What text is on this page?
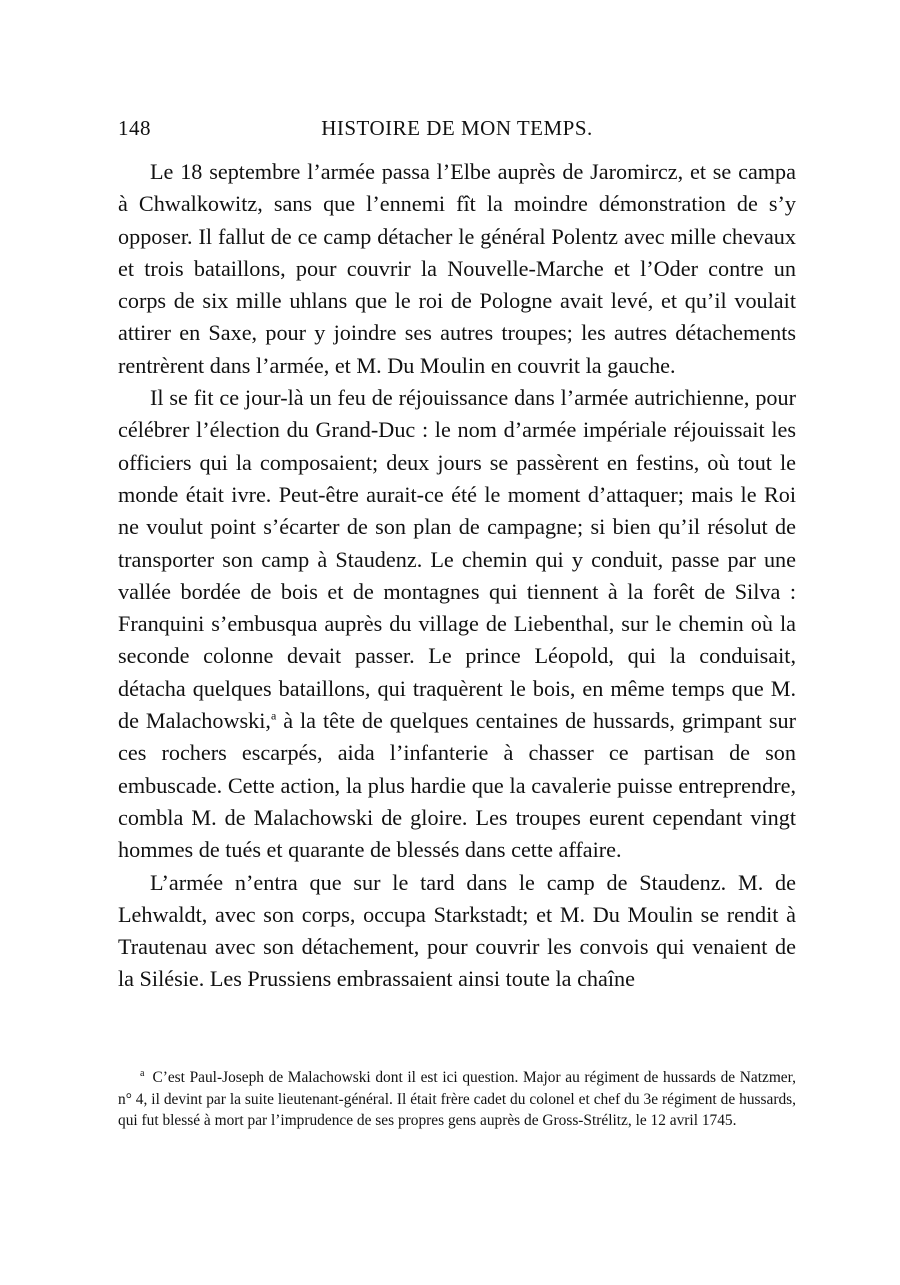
148	HISTOIRE DE MON TEMPS.

Le 18 septembre l’armée passa l’Elbe auprès de Jaromircz, et se campa à Chwalkowitz, sans que l’ennemi fît la moindre démonstration de s’y opposer. Il fallut de ce camp détacher le général Polentz avec mille chevaux et trois bataillons, pour couvrir la Nouvelle-Marche et l’Oder contre un corps de six mille uhlans que le roi de Pologne avait levé, et qu’il voulait attirer en Saxe, pour y joindre ses autres troupes; les autres détachements rentrèrent dans l’armée, et M. Du Moulin en couvrit la gauche.

Il se fit ce jour-là un feu de réjouissance dans l’armée autrichienne, pour célébrer l’élection du Grand-Duc : le nom d’armée impériale réjouissait les officiers qui la composaient; deux jours se passèrent en festins, où tout le monde était ivre. Peut-être aurait-ce été le moment d’attaquer; mais le Roi ne voulut point s’écarter de son plan de campagne; si bien qu’il résolut de transporter son camp à Staudenz. Le chemin qui y conduit, passe par une vallée bordée de bois et de montagnes qui tiennent à la forêt de Silva : Franquini s’embusqua auprès du village de Liebenthal, sur le chemin où la seconde colonne devait passer. Le prince Léopold, qui la conduisait, détacha quelques bataillons, qui traquèrent le bois, en même temps que M. de Malachowski,$^a$ à la tête de quelques centaines de hussards, grimpant sur ces rochers escarpés, aida l’infanterie à chasser ce partisan de son embuscade. Cette action, la plus hardie que la cavalerie puisse entreprendre, combla M. de Malachowski de gloire. Les troupes eurent cependant vingt hommes de tués et quarante de blessés dans cette affaire.

L’armée n’entra que sur le tard dans le camp de Staudenz. M. de Lehwaldt, avec son corps, occupa Starkstadt; et M. Du Moulin se rendit à Trautenau avec son détachement, pour couvrir les convois qui venaient de la Silésie. Les Prussiens embrassaient ainsi toute la chaîne

$^a$ C’est Paul-Joseph de Malachowski dont il est ici question. Major au régiment de hussards de Natzmer, n° 4, il devint par la suite lieutenant-général. Il était frère cadet du colonel et chef du 3e régiment de hussards, qui fut blessé à mort par l’imprudence de ses propres gens auprès de Gross-Strélitz, le 12 avril 1745.
